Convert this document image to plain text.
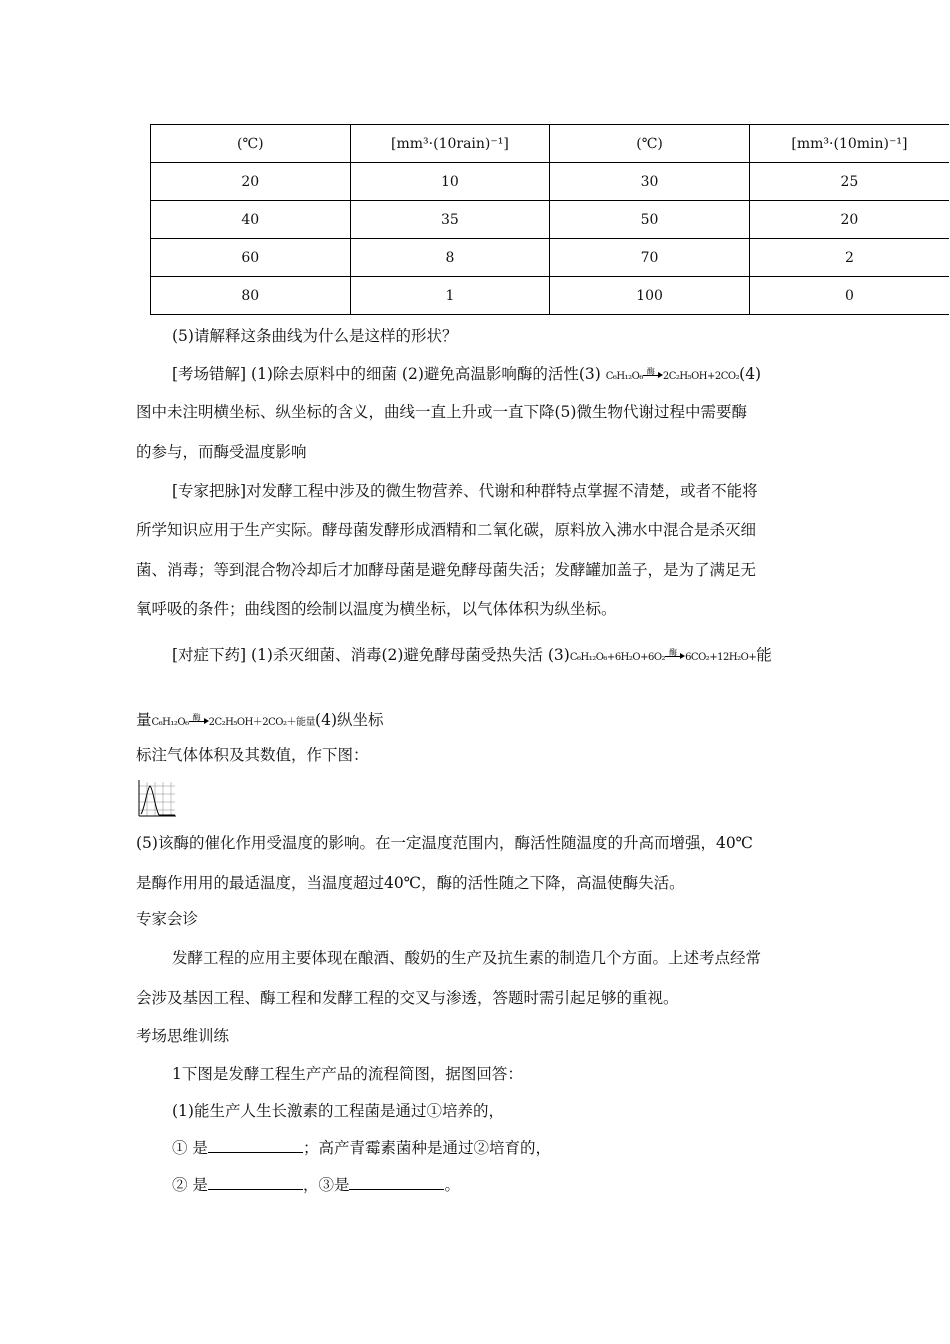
(℃)	[mm³·(10rain)⁻¹]	(℃)	[mm³·(10min)⁻¹]
20	10	30	25
40	35	50	20
60	8	70	2
80	1	100	0
(5)请解释这条曲线为什么是这样的形状？
[考场错解] (1)除去原料中的细菌 (2)避免高温影响酶的活性(3) C₆H₁₂O₆ 酶 2C₂H₅OH+2CO₂(4)
图中未注明横坐标、纵坐标的含义，曲线一直上升或一直下降(5)微生物代谢过程中需要酶
的参与，而酶受温度影响
[专家把脉]对发酵工程中涉及的微生物营养、代谢和种群特点掌握不清楚，或者不能将
所学知识应用于生产实际。酵母菌发酵形成酒精和二氧化碳，原料放入沸水中混合是杀灭细
菌、消毒；等到混合物冷却后才加酵母菌是避免酵母菌失活；发酵罐加盖子，是为了满足无
氧呼吸的条件；曲线图的绘制以温度为横坐标，以气体体积为纵坐标。
[对症下药] (1)杀灭细菌、消毒(2)避免酵母菌受热失活 (3)C₆H₁₂O₆+6H₂O+6O₂ 酶 6CO₂+12H₂O+能
量C₆H₁₂O₆ 酶 2C₂H₅OH＋2CO₂＋能量(4)纵坐标
标注气体体积及其数值，作下图：
(5)该酶的催化作用受温度的影响。在一定温度范围内，酶活性随温度的升高而增强，40℃
是酶作用用的最适温度，当温度超过40℃，酶的活性随之下降，高温使酶失活。
专家会诊
发酵工程的应用主要体现在酿酒、酸奶的生产及抗生素的制造几个方面。上述考点经常
会涉及基因工程、酶工程和发酵工程的交叉与渗透，答题时需引起足够的重视。
考场思维训练
1下图是发酵工程生产产品的流程简图，据图回答：
(1)能生产人生长激素的工程菌是通过①培养的，
① 是	；高产青霉素菌种是通过②培育的，
② 是	，③是	。
